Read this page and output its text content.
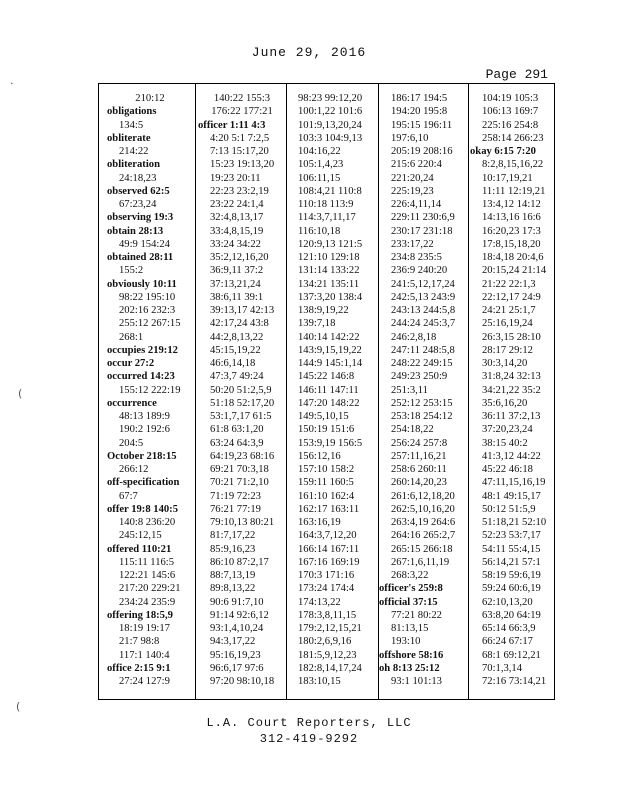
June 29, 2016
Page 291
210:12
obligations
134:5
obliterate
214:22
obliteration
24:18,23
observed 62:5
67:23,24
observing 19:3
obtain 28:13
49:9 154:24
obtained 28:11
155:2
obviously 10:11
98:22 195:10
202:16 232:3
255:12 267:15
268:1
occupies 219:12
occur 27:2
occurred 14:23
155:12 222:19
occurrence
48:13 189:9
190:2 192:6
204:5
October 218:15
266:12
off-specification
67:7
offer 19:8 140:5
140:8 236:20
245:12,15
offered 110:21
115:11 116:5
122:21 145:6
217:20 229:21
234:24 235:9
offering 18:5,9
18:19 19:17
21:7 98:8
117:1 140:4
office 2:15 9:1
27:24 127:9
140:22 155:3
176:22 177:21
officer 1:11 4:3
4:20 5:1 7:2,5
7:13 15:17,20
15:23 19:13,20
19:23 20:11
22:23 23:2,19
23:22 24:1,4
32:4,8,13,17
33:4,8,15,19
33:24 34:22
35:2,12,16,20
36:9,11 37:2
37:13,21,24
38:6,11 39:1
39:13,17 42:13
42:17,24 43:8
44:2,8,13,22
45:15,19,22
46:6,14,18
47:3,7 49:24
50:20 51:2,5,9
51:18 52:17,20
53:1,7,17 61:5
61:8 63:1,20
63:24 64:3,9
64:19,23 68:16
69:21 70:3,18
70:21 71:2,10
71:19 72:23
76:21 77:19
79:10,13 80:21
81:7,17,22
85:9,16,23
86:10 87:2,17
88:7,13,19
89:8,13,22
90:6 91:7,10
91:14 92:6,12
93:1,4,10,24
94:3,17,22
95:16,19,23
96:6,17 97:6
97:20 98:10,18
98:23 99:12,20
100:1,22 101:6
101:9,13,20,24
103:3 104:9,13
104:16,22
105:1,4,23
106:11,15
108:4,21 110:8
110:18 113:9
114:3,7,11,17
116:10,18
120:9,13 121:5
121:10 129:18
131:14 133:22
134:21 135:11
137:3,20 138:4
138:9,19,22
139:7,18
140:14 142:22
143:9,15,19,22
144:9 145:1,14
145:22 146:8
146:11 147:11
147:20 148:22
149:5,10,15
150:19 151:6
153:9,19 156:5
156:12,16
157:10 158:2
159:11 160:5
161:10 162:4
162:17 163:11
163:16,19
164:3,7,12,20
166:14 167:11
167:16 169:19
170:3 171:16
173:24 174:4
174:13,22
178:3,8,11,15
179:2,12,15,21
180:2,6,9,16
181:5,9,12,23
182:8,14,17,24
183:10,15
186:17 194:5
194:20 195:8
195:15 196:11
197:6,10
205:19 208:16
215:6 220:4
221:20,24
225:19,23
226:4,11,14
229:11 230:6,9
230:17 231:18
233:17,22
234:8 235:5
236:9 240:20
241:5,12,17,24
242:5,13 243:9
243:13 244:5,8
244:24 245:3,7
246:2,8,18
247:11 248:5,8
248:22 249:15
249:23 250:9
251:3,11
252:12 253:15
253:18 254:12
254:18,22
256:24 257:8
257:11,16,21
258:6 260:11
260:14,20,23
261:6,12,18,20
262:5,10,16,20
263:4,19 264:6
264:16 265:2,7
265:15 266:18
267:1,6,11,19
268:3,22
officer's 259:8
official 37:15
77:21 80:22
81:13,15
193:10
offshore 58:16
oh 8:13 25:12
93:1 101:13
104:19 105:3
106:13 169:7
225:16 254:8
258:14 266:23
okay 6:15 7:20
8:2,8,15,16,22
10:17,19,21
11:11 12:19,21
13:4,12 14:12
14:13,16 16:6
16:20,23 17:3
17:8,15,18,20
18:4,18 20:4,6
20:15,24 21:14
21:22 22:1,3
22:12,17 24:9
24:21 25:1,7
25:16,19,24
26:3,15 28:10
28:17 29:12
30:3,14,20
31:8,24 32:13
34:21,22 35:2
35:6,16,20
36:11 37:2,13
37:20,23,24
38:15 40:2
41:3,12 44:22
45:22 46:18
47:11,15,16,19
48:1 49:15,17
50:12 51:5,9
51:18,21 52:10
52:23 53:7,17
54:11 55:4,15
56:14,21 57:1
58:19 59:6,19
59:24 60:6,19
62:10,13,20
63:8,20 64:19
65:14 66:3,9
66:24 67:17
68:1 69:12,21
70:1,3,14
72:16 73:14,21
·
(
(
L.A. Court Reporters, LLC
312-419-9292
